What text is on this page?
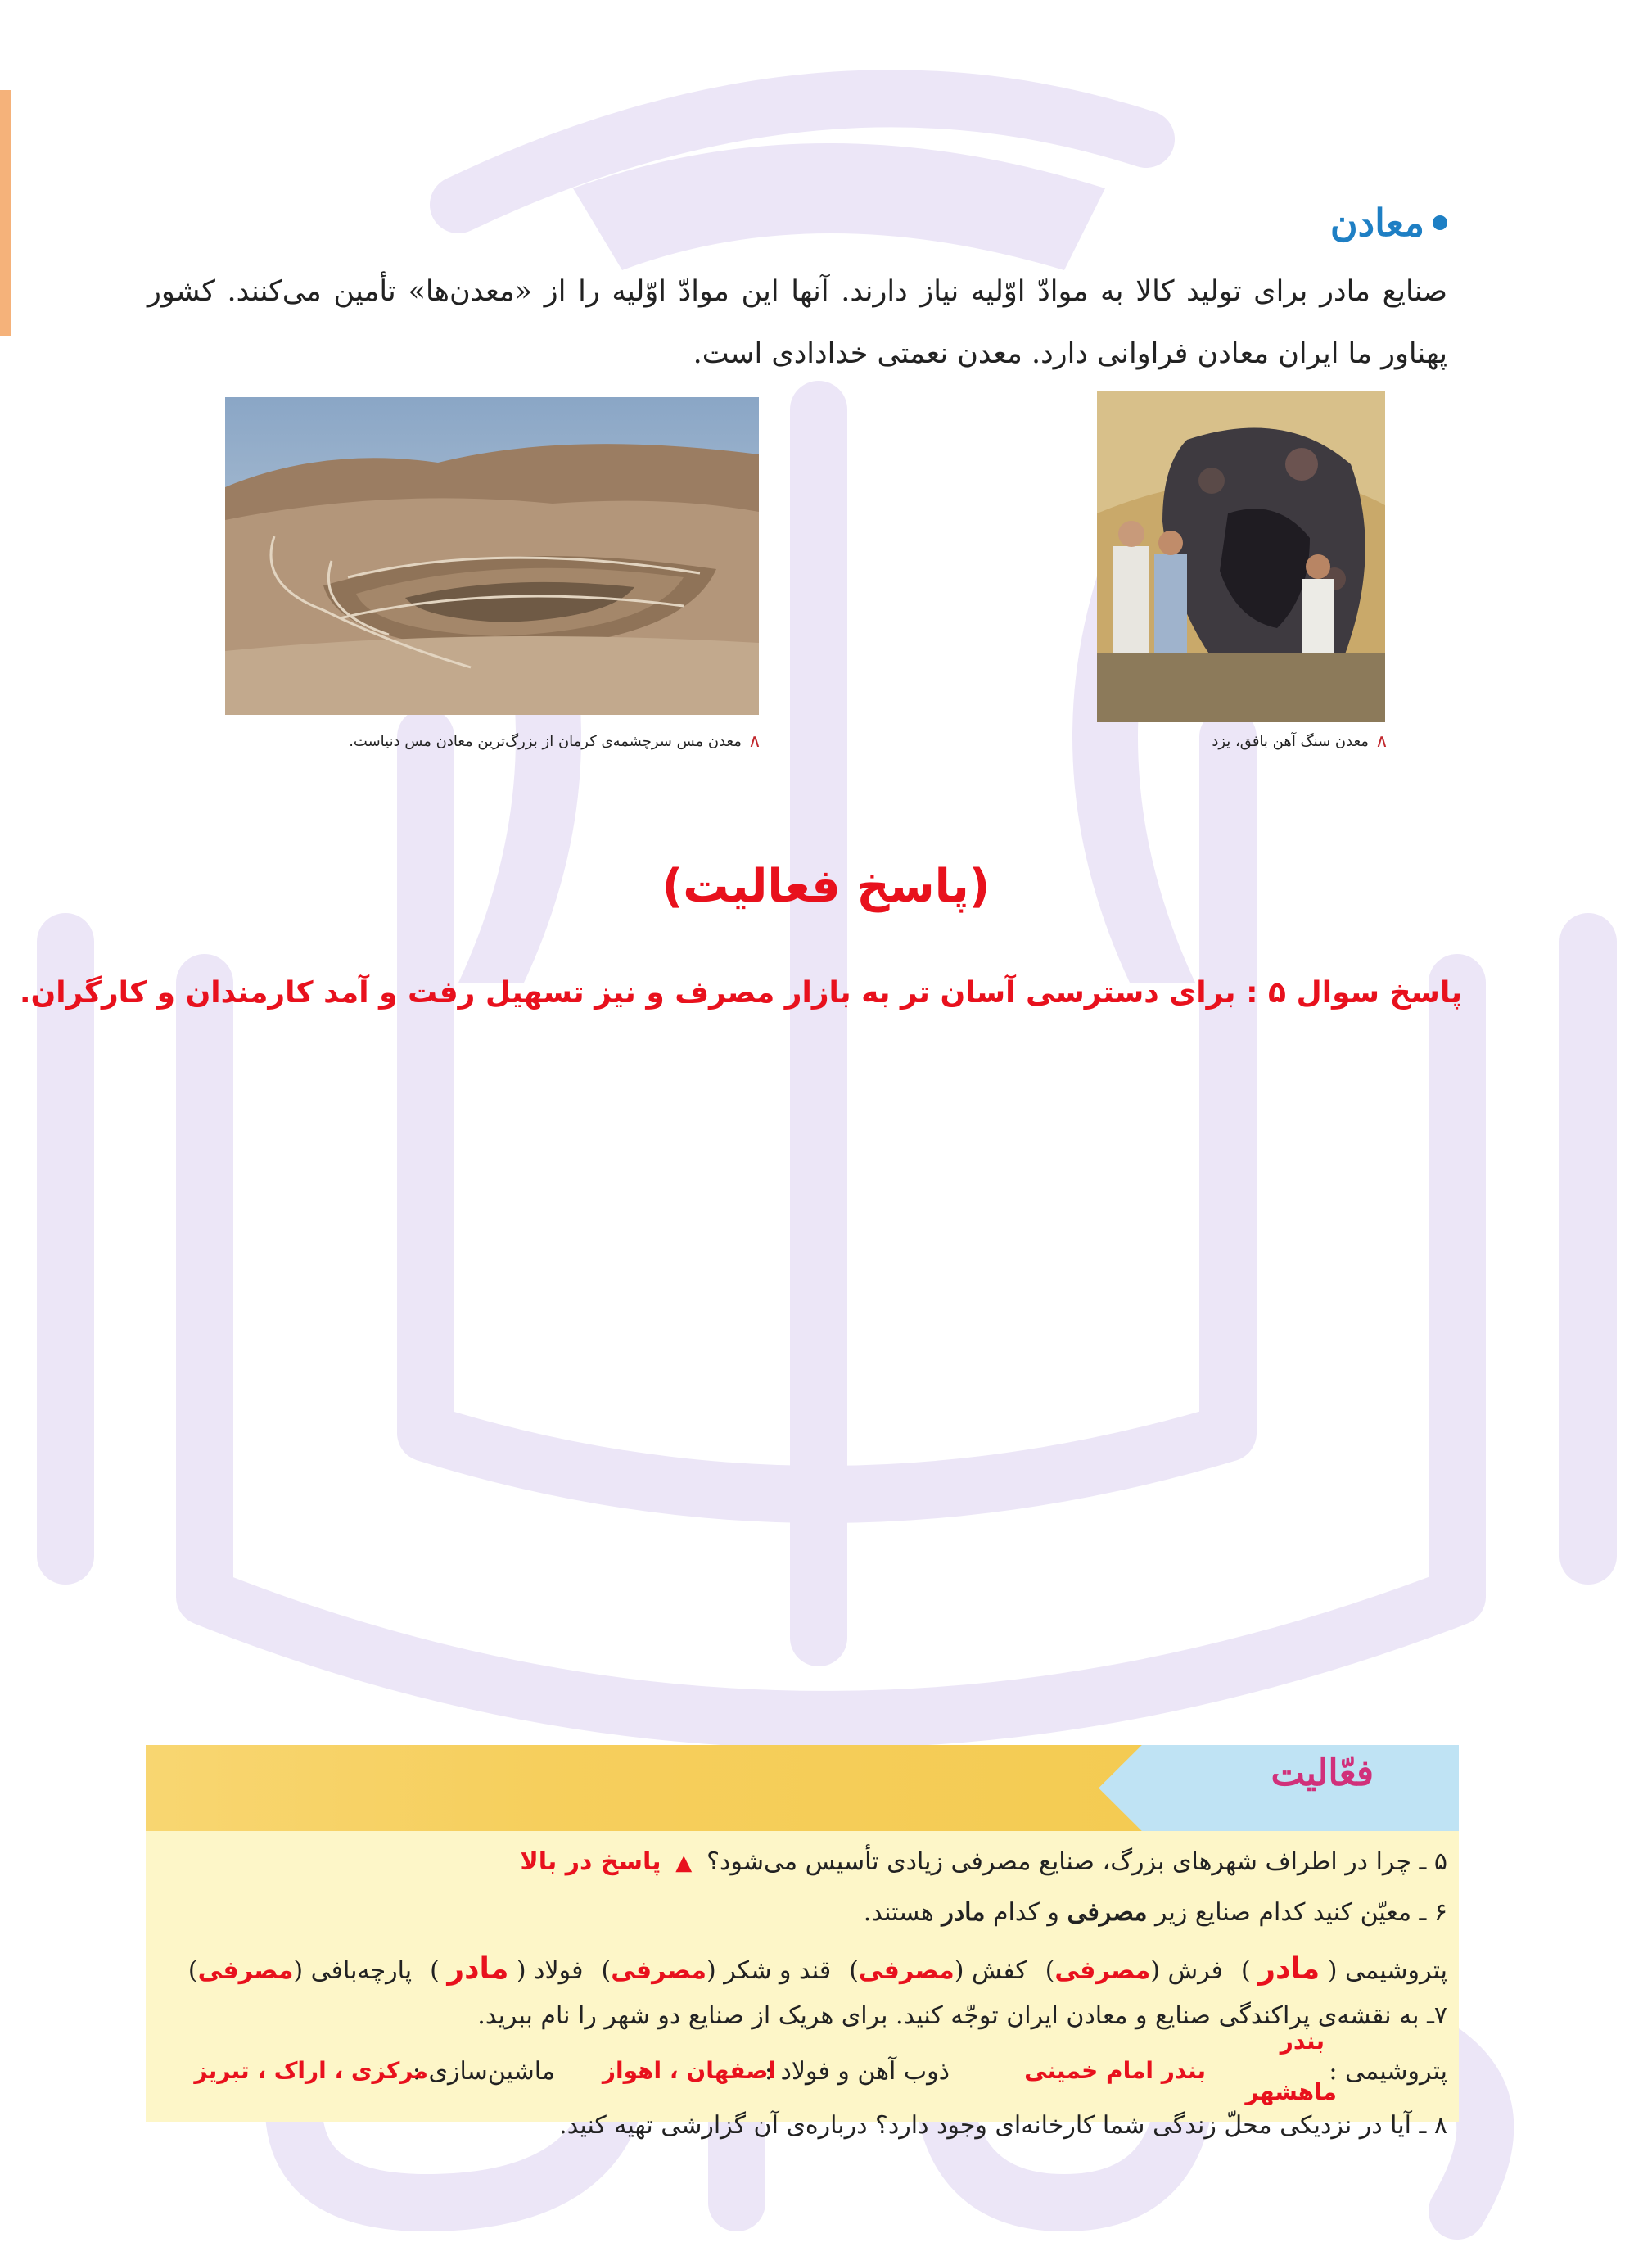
معادن
صنایع مادر برای تولید کالا به موادّ اوّلیه نیاز دارند. آنها این موادّ اوّلیه را از «معدن‌ها» تأمین می‌کنند. کشور پهناور ما ایران معادن فراوانی دارد. معدن نعمتی خدادادی است.
∧
معدن مس سرچشمه‌ی کرمان از بزرگ‌ترین معادن مس دنیاست.	∧
معدن سنگ آهن بافق، یزد
(پاسخ فعالیت)
پاسخ سوال ۵ : برای دسترسی آسان تر به بازار مصرف و نیز تسهیل رفت و آمد کارمندان و کارگران.
فعّالیت
۵ ـ چرا در اطراف شهرهای بزرگ، صنایع مصرفی زیادی تأسیس می‌شود؟  ▲  پاسخ در بالا
۶ ـ معیّن کنید کدام صنایع زیر مصرفی و کدام مادر هستند.
پتروشیمی ( مادر )
فرش (مصرفی)
کفش (مصرفی)
قند و شکر (مصرفی)
فولاد ( مادر )
پارچه‌بافی (مصرفی)
۷ـ به نقشه‌ی پراکندگی صنایع و معادن ایران توجّه کنید. برای هریک از صنایع دو شهر را نام ببرید.
پتروشیمی :
بندر
ماهشهر
بندر امام خمینی
ذوب آهن و فولاد :
اصفهان ، اهواز
ماشین‌سازی :
مرکزی ، اراک ، تبریز
۸ ـ آیا در نزدیکی محلّ زندگی شما کارخانه‌ای وجود دارد؟ درباره‌ی آن گزارشی تهیه کنید.
